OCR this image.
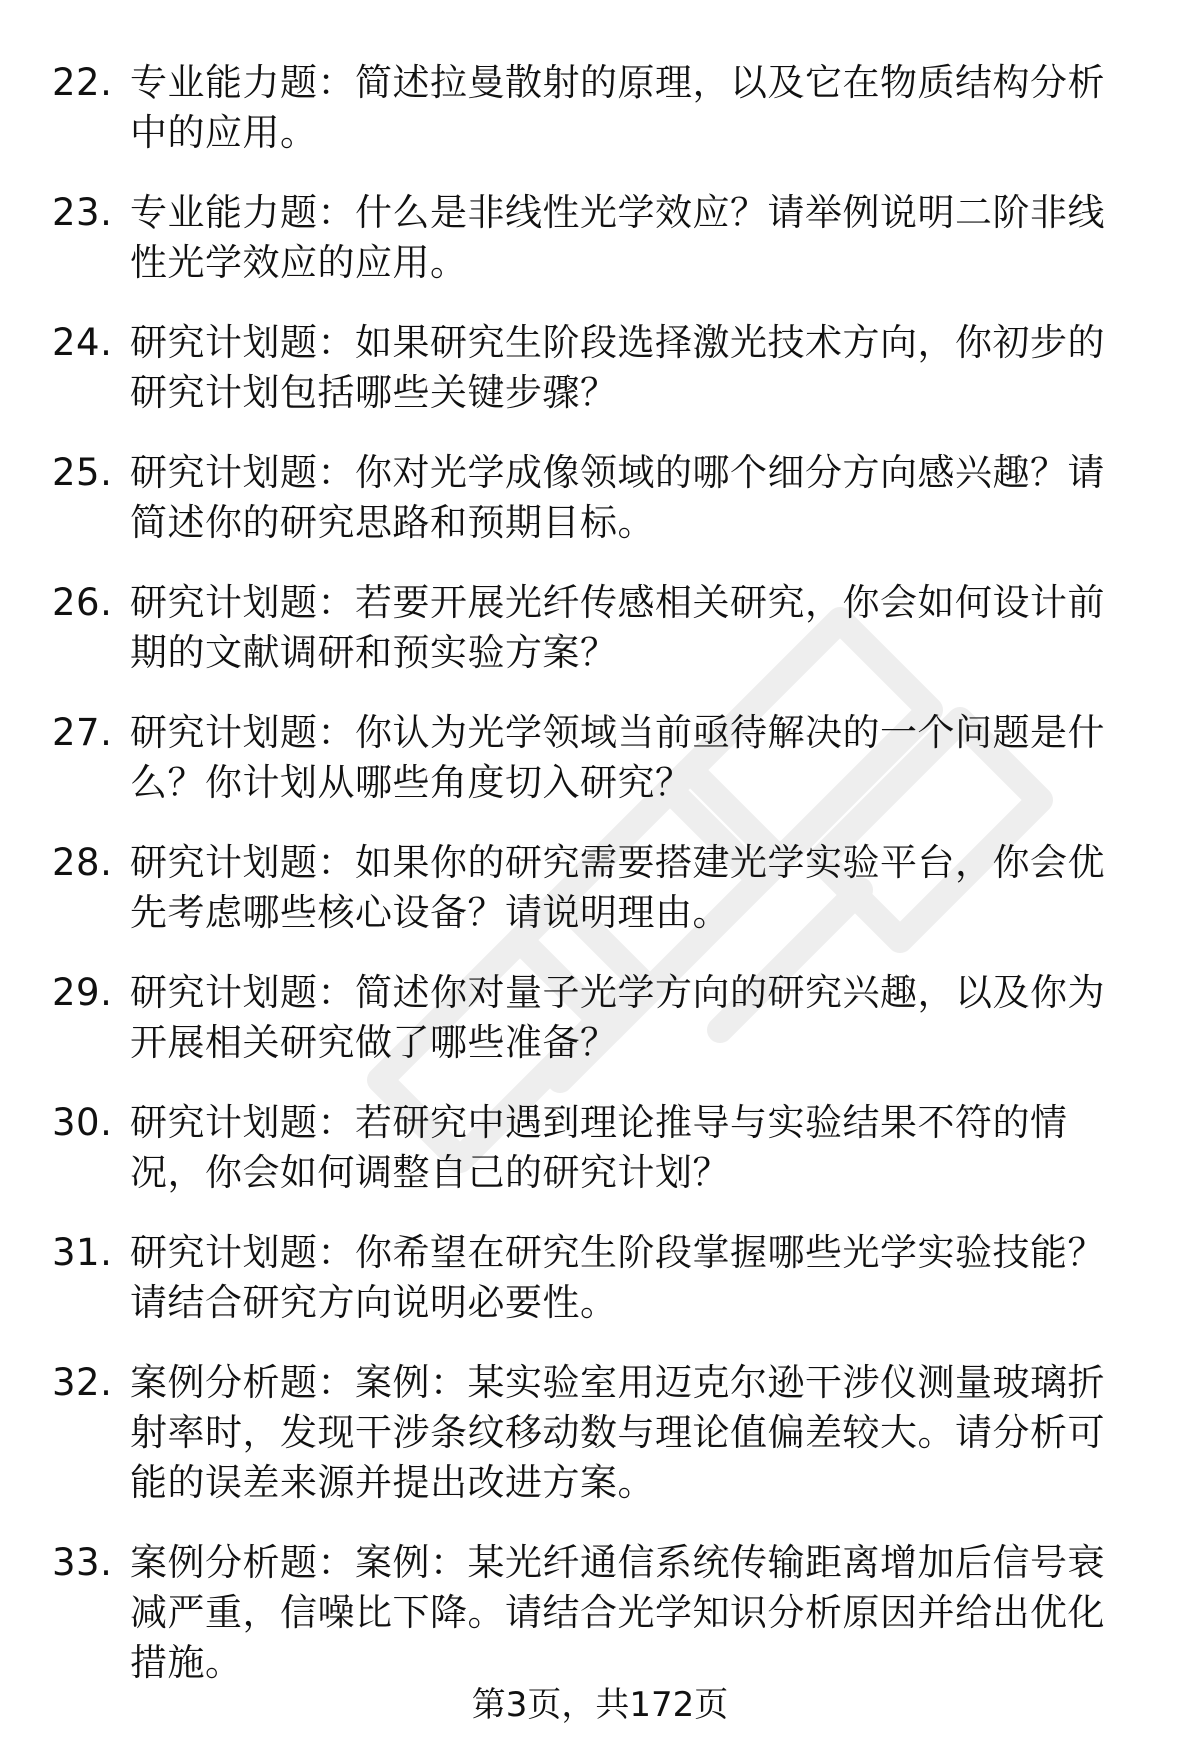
22. 专业能力题：简述拉曼散射的原理，以及它在物质结构分析中的应用。
23. 专业能力题：什么是非线性光学效应？请举例说明二阶非线性光学效应的应用。
24. 研究计划题：如果研究生阶段选择激光技术方向，你初步的研究计划包括哪些关键步骤？
25. 研究计划题：你对光学成像领域的哪个细分方向感兴趣？请简述你的研究思路和预期目标。
26. 研究计划题：若要开展光纤传感相关研究，你会如何设计前期的文献调研和预实验方案？
27. 研究计划题：你认为光学领域当前亟待解决的一个问题是什么？你计划从哪些角度切入研究？
28. 研究计划题：如果你的研究需要搭建光学实验平台，你会优先考虑哪些核心设备？请说明理由。
29. 研究计划题：简述你对量子光学方向的研究兴趣，以及你为开展相关研究做了哪些准备？
30. 研究计划题：若研究中遇到理论推导与实验结果不符的情况，你会如何调整自己的研究计划？
31. 研究计划题：你希望在研究生阶段掌握哪些光学实验技能？请结合研究方向说明必要性。
32. 案例分析题：案例：某实验室用迈克尔逊干涉仪测量玻璃折射率时，发现干涉条纹移动数与理论值偏差较大。请分析可能的误差来源并提出改进方案。
33. 案例分析题：案例：某光纤通信系统传输距离增加后信号衰减严重，信噪比下降。请结合光学知识分析原因并给出优化措施。
第3页，共172页
